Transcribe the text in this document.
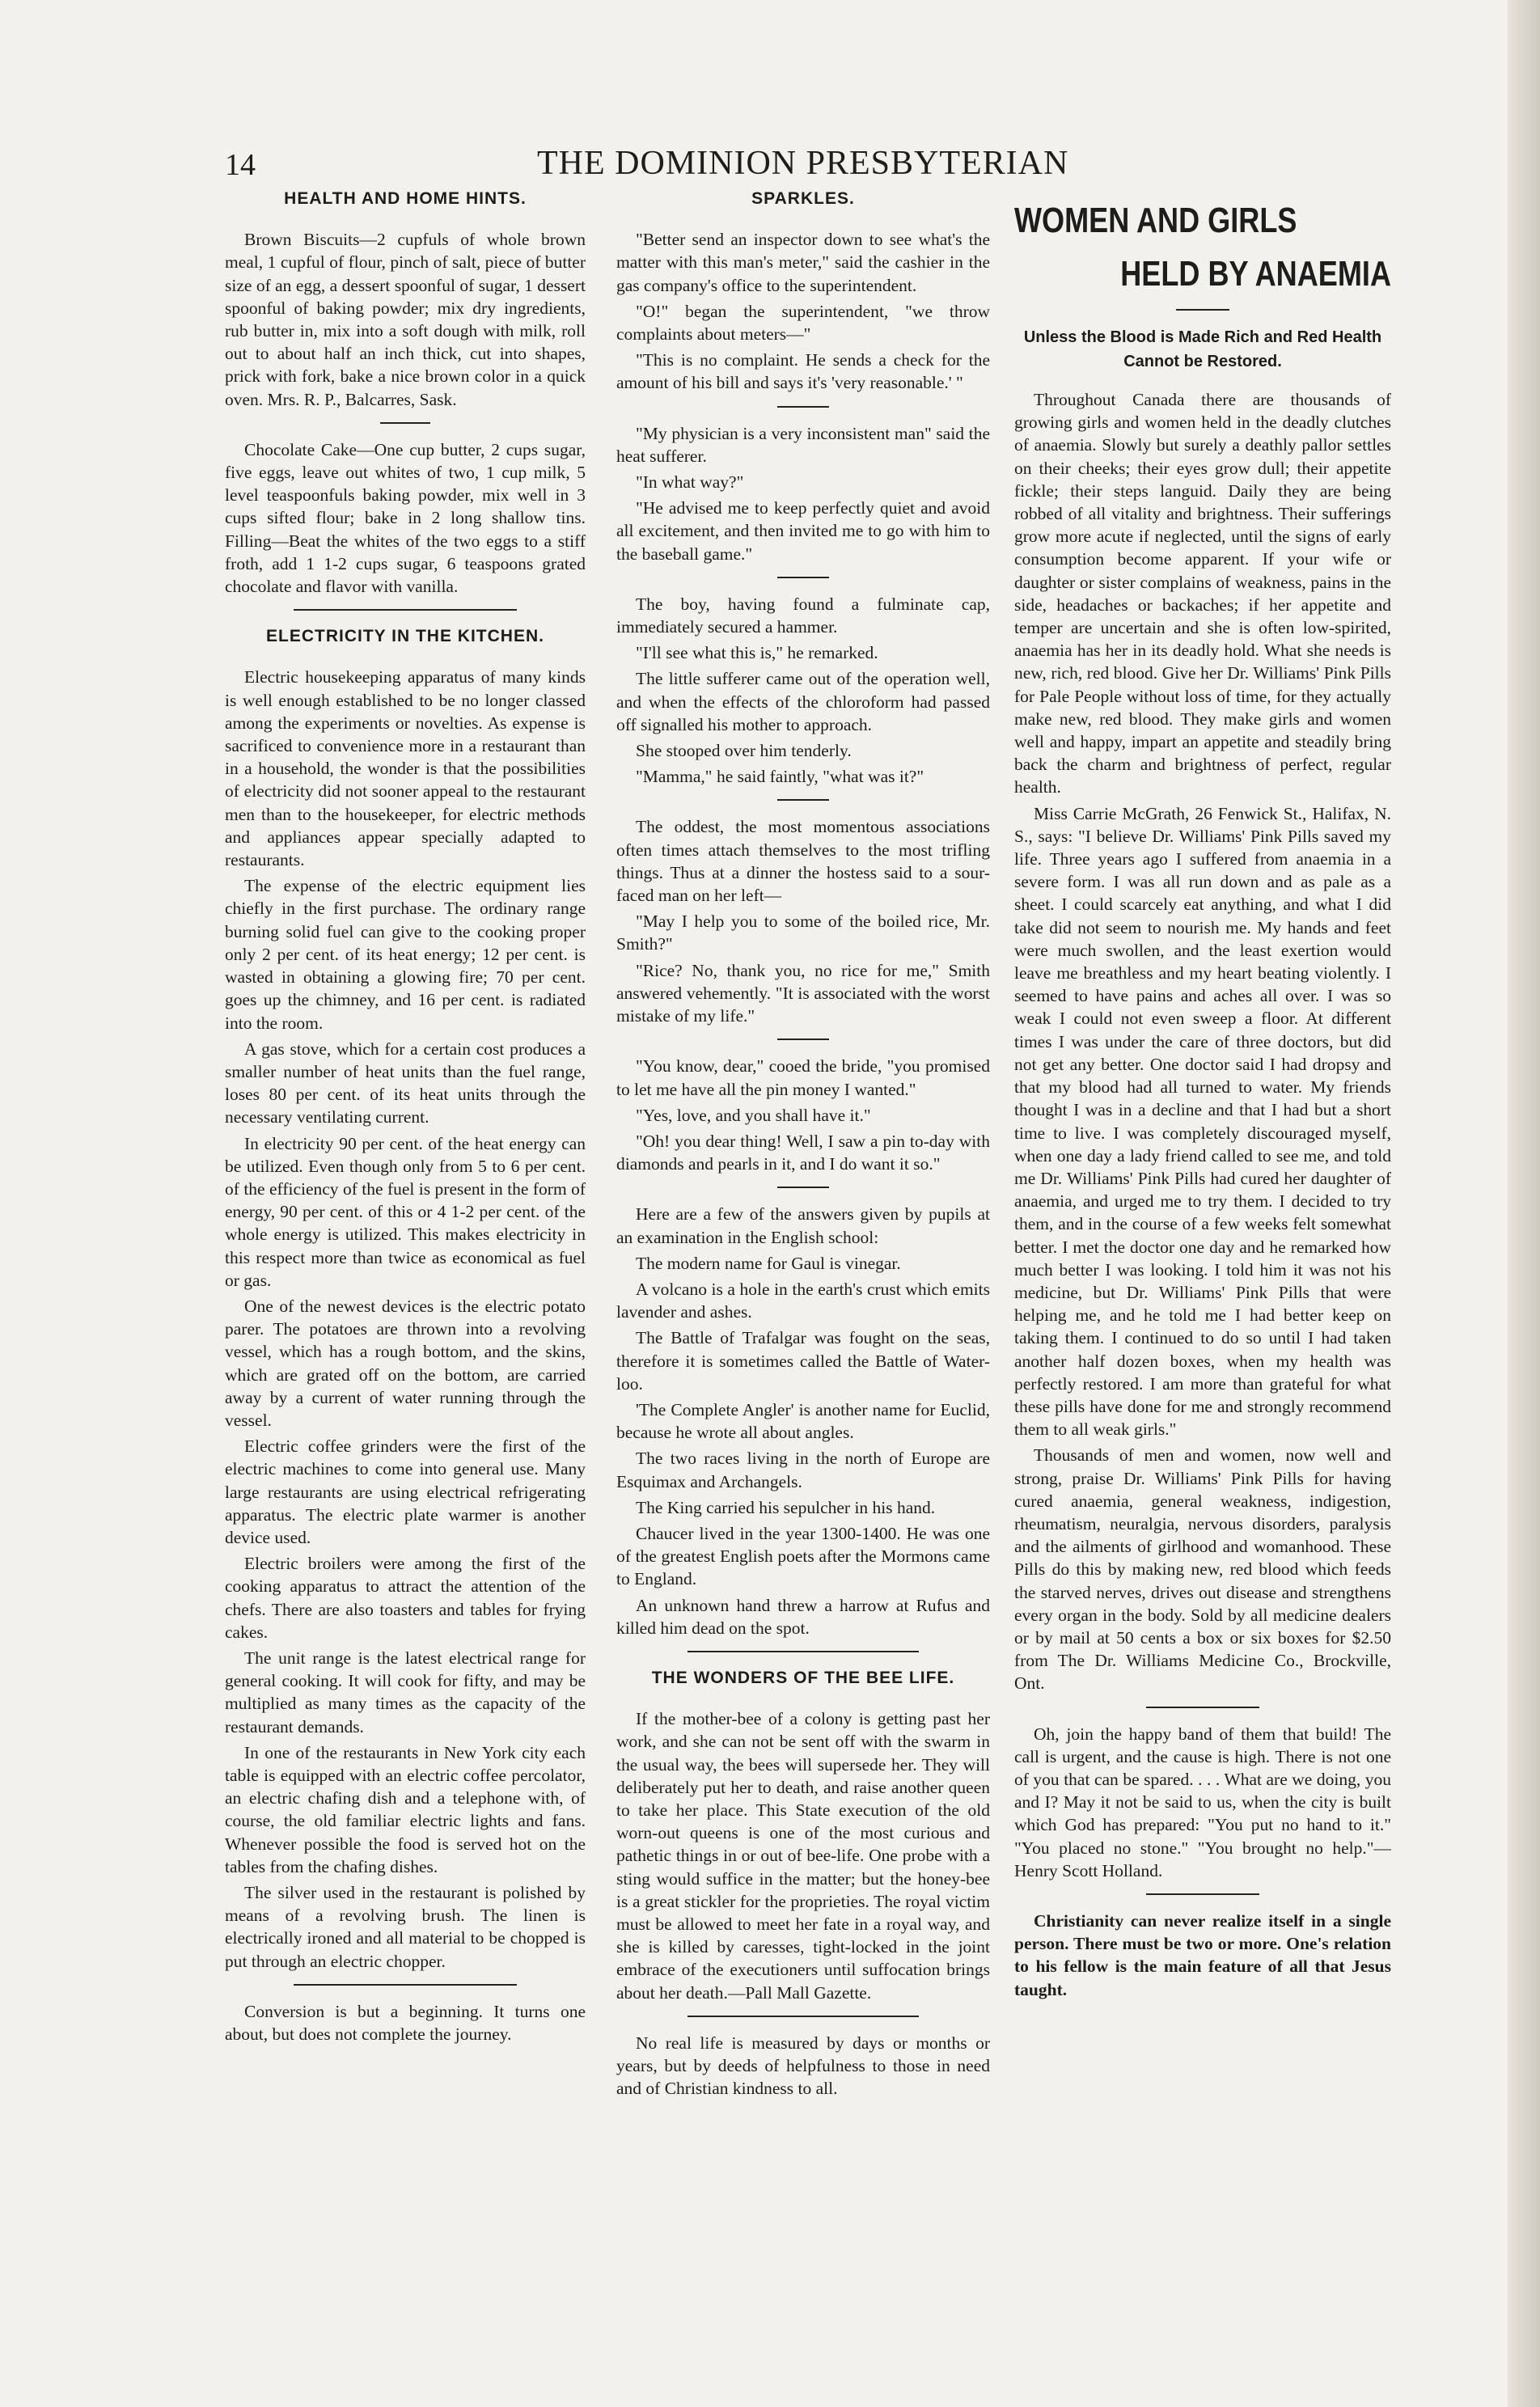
14	THE DOMINION PRESBYTERIAN
HEALTH AND HOME HINTS.

Brown Biscuits—2 cupfuls of whole brown meal, 1 cupful of flour, pinch of salt, piece of butter size of an egg, a dessert spoonful of sugar, 1 dessert spoonful of baking powder; mix dry ingredients, rub butter in, mix into a soft dough with milk, roll out to about half an inch thick, cut into shapes, prick with fork, bake a nice brown color in a quick oven. Mrs. R. P., Balcarres, Sask.

Chocolate Cake—One cup butter, 2 cups sugar, five eggs, leave out whites of two, 1 cup milk, 5 level teaspoonfuls baking powder, mix well in 3 cups sifted flour; bake in 2 long shallow tins. Filling—Beat the whites of the two eggs to a stiff froth, add 1 1-2 cups sugar, 6 teaspoons grated chocolate and flavor with vanilla.

ELECTRICITY IN THE KITCHEN.

Electric housekeeping apparatus of many kinds is well enough established to be no longer classed among the experiments or novelties. As expense is sacrificed to convenience more in a restaurant than in a household, the wonder is that the possibilities of electricity did not sooner appeal to the restaurant men than to the housekeeper, for electric methods and appliances appear specially adapted to restaurants.

The expense of the electric equipment lies chiefly in the first purchase. The ordinary range burning solid fuel can give to the cooking proper only 2 per cent. of its heat energy; 12 per cent. is wasted in obtaining a glowing fire; 70 per cent. goes up the chimney, and 16 per cent. is radiated into the room.

A gas stove, which for a certain cost produces a smaller number of heat units than the fuel range, loses 80 per cent. of its heat units through the necessary ventilating current.

In electricity 90 per cent. of the heat energy can be utilized. Even though only from 5 to 6 per cent. of the efficiency of the fuel is present in the form of energy, 90 per cent. of this or 4 1-2 per cent. of the whole energy is utilized. This makes electricity in this respect more than twice as economical as fuel or gas.

One of the newest devices is the electric potato parer. The potatoes are thrown into a revolving vessel, which has a rough bottom, and the skins, which are grated off on the bottom, are carried away by a current of water running through the vessel.

Electric coffee grinders were the first of the electric machines to come into general use. Many large restaurants are using electrical refrigerating apparatus. The electric plate warmer is another device used.

Electric broilers were among the first of the cooking apparatus to attract the attention of the chefs. There are also toasters and tables for frying cakes.

The unit range is the latest electrical range for general cooking. It will cook for fifty, and may be multiplied as many times as the capacity of the restaurant demands.

In one of the restaurants in New York city each table is equipped with an electric coffee percolator, an electric chafing dish and a telephone with, of course, the old familiar electric lights and fans. Whenever possible the food is served hot on the tables from the chafing dishes.

The silver used in the restaurant is polished by means of a revolving brush. The linen is electrically ironed and all material to be chopped is put through an electric chopper.

Conversion is but a beginning. It turns one about, but does not complete the journey.

SPARKLES.

"Better send an inspector down to see what's the matter with this man's meter," said the cashier in the gas company's office to the superintendent.

"O!" began the superintendent, "we throw complaints about meters—"

"This is no complaint. He sends a check for the amount of his bill and says it's 'very reasonable.' "

"My physician is a very inconsistent man" said the heat sufferer.

"In what way?"

"He advised me to keep perfectly quiet and avoid all excitement, and then invited me to go with him to the baseball game."

The boy, having found a fulminate cap, immediately secured a hammer.

"I'll see what this is," he remarked.

The little sufferer came out of the operation well, and when the effects of the chloroform had passed off signalled his mother to approach.

She stooped over him tenderly.

"Mamma," he said faintly, "what was it?"

The oddest, the most momentous associations often times attach themselves to the most trifling things. Thus at a dinner the hostess said to a sour-faced man on her left—

"May I help you to some of the boiled rice, Mr. Smith?"

"Rice? No, thank you, no rice for me," Smith answered vehemently. "It is associated with the worst mistake of my life."

"You know, dear," cooed the bride, "you promised to let me have all the pin money I wanted."

"Yes, love, and you shall have it."

"Oh! you dear thing! Well, I saw a pin to-day with diamonds and pearls in it, and I do want it so."

Here are a few of the answers given by pupils at an examination in the English school:

The modern name for Gaul is vinegar.

A volcano is a hole in the earth's crust which emits lavender and ashes.

The Battle of Trafalgar was fought on the seas, therefore it is sometimes called the Battle of Water-loo.

'The Complete Angler' is another name for Euclid, because he wrote all about angles.

The two races living in the north of Europe are Esquimax and Archangels.

The King carried his sepulcher in his hand.

Chaucer lived in the year 1300-1400. He was one of the greatest English poets after the Mormons came to England.

An unknown hand threw a harrow at Rufus and killed him dead on the spot.

THE WONDERS OF THE BEE LIFE.

If the mother-bee of a colony is getting past her work, and she can not be sent off with the swarm in the usual way, the bees will supersede her. They will deliberately put her to death, and raise another queen to take her place. This State execution of the old worn-out queens is one of the most curious and pathetic things in or out of bee-life. One probe with a sting would suffice in the matter; but the honey-bee is a great stickler for the proprieties. The royal victim must be allowed to meet her fate in a royal way, and she is killed by caresses, tight-locked in the joint embrace of the executioners until suffocation brings about her death.—Pall Mall Gazette.

No real life is measured by days or months or years, but by deeds of helpfulness to those in need and of Christian kindness to all.

WOMEN AND GIRLS
HELD BY ANAEMIA
Unless the Blood is Made Rich and Red Health Cannot be Restored.

Throughout Canada there are thousands of growing girls and women held in the deadly clutches of anaemia. Slowly but surely a deathly pallor settles on their cheeks; their eyes grow dull; their appetite fickle; their steps languid. Daily they are being robbed of all vitality and brightness. Their sufferings grow more acute if neglected, until the signs of early consumption become apparent. If your wife or daughter or sister complains of weakness, pains in the side, headaches or backaches; if her appetite and temper are uncertain and she is often low-spirited, anaemia has her in its deadly hold. What she needs is new, rich, red blood. Give her Dr. Williams' Pink Pills for Pale People without loss of time, for they actually make new, red blood. They make girls and women well and happy, impart an appetite and steadily bring back the charm and brightness of perfect, regular health.

Miss Carrie McGrath, 26 Fenwick St., Halifax, N. S., says: "I believe Dr. Williams' Pink Pills saved my life. Three years ago I suffered from anaemia in a severe form. I was all run down and as pale as a sheet. I could scarcely eat anything, and what I did take did not seem to nourish me. My hands and feet were much swollen, and the least exertion would leave me breathless and my heart beating violently. I seemed to have pains and aches all over. I was so weak I could not even sweep a floor. At different times I was under the care of three doctors, but did not get any better. One doctor said I had dropsy and that my blood had all turned to water. My friends thought I was in a decline and that I had but a short time to live. I was completely discouraged myself, when one day a lady friend called to see me, and told me Dr. Williams' Pink Pills had cured her daughter of anaemia, and urged me to try them. I decided to try them, and in the course of a few weeks felt somewhat better. I met the doctor one day and he remarked how much better I was looking. I told him it was not his medicine, but Dr. Williams' Pink Pills that were helping me, and he told me I had better keep on taking them. I continued to do so until I had taken another half dozen boxes, when my health was perfectly restored. I am more than grateful for what these pills have done for me and strongly recommend them to all weak girls."

Thousands of men and women, now well and strong, praise Dr. Williams' Pink Pills for having cured anaemia, general weakness, indigestion, rheumatism, neuralgia, nervous disorders, paralysis and the ailments of girlhood and womanhood. These Pills do this by making new, red blood which feeds the starved nerves, drives out disease and strengthens every organ in the body. Sold by all medicine dealers or by mail at 50 cents a box or six boxes for $2.50 from The Dr. Williams Medicine Co., Brockville, Ont.

Oh, join the happy band of them that build! The call is urgent, and the cause is high. There is not one of you that can be spared. . . . What are we doing, you and I? May it not be said to us, when the city is built which God has prepared: "You put no hand to it." "You placed no stone." "You brought no help."—Henry Scott Holland.

Christianity can never realize itself in a single person. There must be two or more. One's relation to his fellow is the main feature of all that Jesus taught.
